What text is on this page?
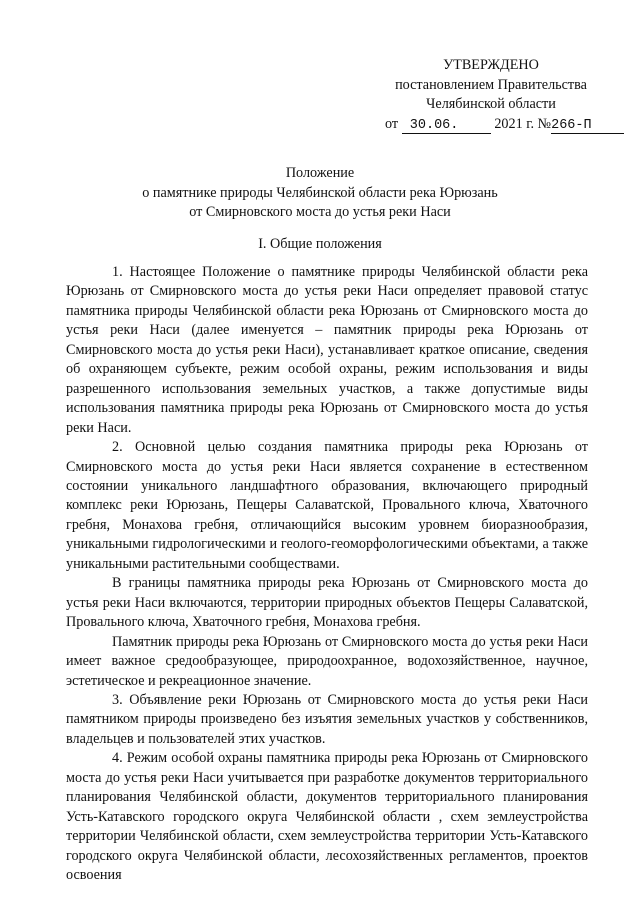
УТВЕРЖДЕНО
постановлением Правительства
Челябинской области
от 30.06.	2021 г. №266-П
Положение
о памятнике природы Челябинской области река Юрюзань
от Смирновского моста до устья реки Наси
I. Общие положения

1. Настоящее Положение о памятнике природы Челябинской области река Юрюзань от Смирновского моста до устья реки Наси определяет правовой статус памятника природы Челябинской области река Юрюзань от Смирновского моста до устья реки Наси (далее именуется – памятник природы река Юрюзань от Смирновского моста до устья реки Наси), устанавливает краткое описание, сведения об охраняющем субъекте, режим особой охраны, режим использования и виды разрешенного использования земельных участков, а также допустимые виды использования памятника природы река Юрюзань от Смирновского моста до устья реки Наси.

2. Основной целью создания памятника природы река Юрюзань от Смирновского моста до устья реки Наси является сохранение в естественном состоянии уникального ландшафтного образования, включающего природный комплекс реки Юрюзань, Пещеры Салаватской, Провального ключа, Хваточного гребня, Монахова гребня, отличающийся высоким уровнем биоразнообразия, уникальными гидрологическими и геолого-геоморфологическими объектами, а также уникальными растительными сообществами.

В границы памятника природы река Юрюзань от Смирновского моста до устья реки Наси включаются, территории природных объектов Пещеры Салаватской, Провального ключа, Хваточного гребня, Монахова гребня.

Памятник природы река Юрюзань от Смирновского моста до устья реки Наси имеет важное средообразующее, природоохранное, водохозяйственное, научное, эстетическое и рекреационное значение.

3. Объявление реки Юрюзань от Смирновского моста до устья реки Наси памятником природы произведено без изъятия земельных участков у собственников, владельцев и пользователей этих участков.

4. Режим особой охраны памятника природы река Юрюзань от Смирновского моста до устья реки Наси учитывается при разработке документов территориального планирования Челябинской области, документов территориального планирования Усть-Катавского городского округа Челябинской области , схем землеустройства территории Челябинской области, схем землеустройства территории Усть-Катавского городского округа Челябинской области, лесохозяйственных регламентов, проектов освоения
